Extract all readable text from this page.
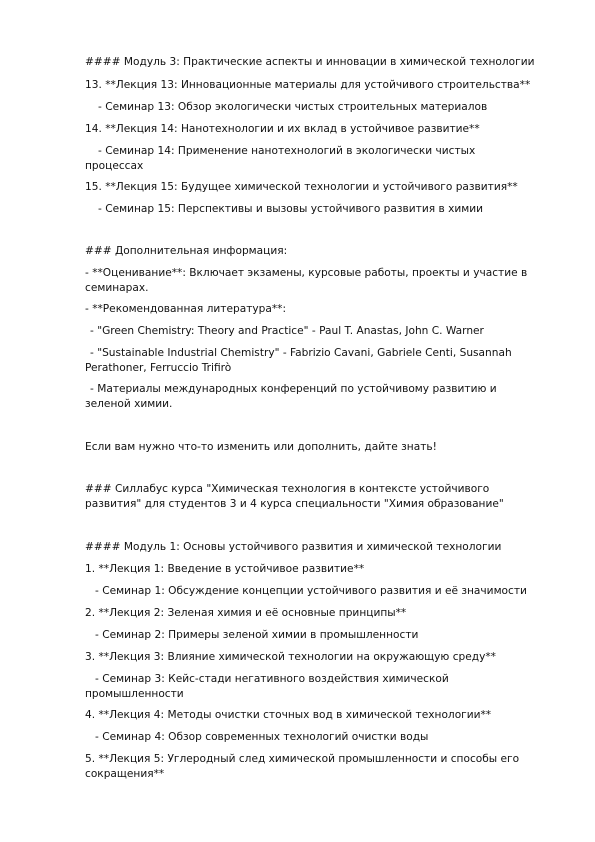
#### Модуль 3: Практические аспекты и инновации в химической технологии
13. **Лекция 13: Инновационные материалы для устойчивого строительства**
- Семинар 13: Обзор экологически чистых строительных материалов
14. **Лекция 14: Нанотехнологии и их вклад в устойчивое развитие**
- Семинар 14: Применение нанотехнологий в экологически чистых процессах
15. **Лекция 15: Будущее химической технологии и устойчивого развития**
- Семинар 15: Перспективы и вызовы устойчивого развития в химии
### Дополнительная информация:
- **Оценивание**: Включает экзамены, курсовые работы, проекты и участие в семинарах.
- **Рекомендованная литература**:
- "Green Chemistry: Theory and Practice" - Paul T. Anastas, John C. Warner
- "Sustainable Industrial Chemistry" - Fabrizio Cavani, Gabriele Centi, Susannah Perathoner, Ferruccio Trifirò
- Материалы международных конференций по устойчивому развитию и зеленой химии.
Если вам нужно что-то изменить или дополнить, дайте знать!
### Силлабус курса "Химическая технология в контексте устойчивого развития" для студентов 3 и 4 курса специальности "Химия образование"
#### Модуль 1: Основы устойчивого развития и химической технологии
1. **Лекция 1: Введение в устойчивое развитие**
- Семинар 1: Обсуждение концепции устойчивого развития и её значимости
2. **Лекция 2: Зеленая химия и её основные принципы**
- Семинар 2: Примеры зеленой химии в промышленности
3. **Лекция 3: Влияние химической технологии на окружающую среду**
- Семинар 3: Кейс-стади негативного воздействия химической промышленности
4. **Лекция 4: Методы очистки сточных вод в химической технологии**
- Семинар 4: Обзор современных технологий очистки воды
5. **Лекция 5: Углеродный след химической промышленности и способы его сокращения**
